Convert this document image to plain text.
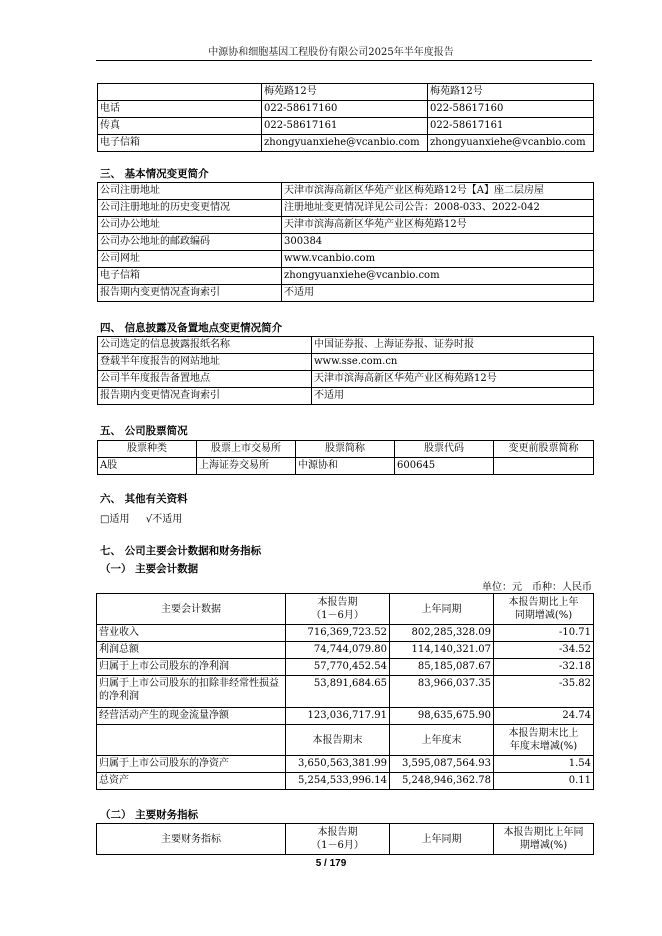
中源协和细胞基因工程股份有限公司2025年半年度报告
	梅苑路12号	梅苑路12号
电话	022-58617160	022-58617160
传真	022-58617161	022-58617161
电子信箱	zhongyuanxiehe@vcanbio.com	zhongyuanxiehe@vcanbio.com
三、 基本情况变更简介
公司注册地址	天津市滨海高新区华苑产业区梅苑路12号【A】座二层房屋
公司注册地址的历史变更情况	注册地址变更情况详见公司公告：2008-033、2022-042
公司办公地址	天津市滨海高新区华苑产业区梅苑路12号
公司办公地址的邮政编码	300384
公司网址	www.vcanbio.com
电子信箱	zhongyuanxiehe@vcanbio.com
报告期内变更情况查询索引	不适用
四、 信息披露及备置地点变更情况简介
公司选定的信息披露报纸名称	中国证券报、上海证券报、证券时报
登载半年度报告的网站地址	www.sse.com.cn
公司半年度报告备置地点	天津市滨海高新区华苑产业区梅苑路12号
报告期内变更情况查询索引	不适用
五、 公司股票简况
股票种类	股票上市交易所	股票简称	股票代码	变更前股票简称
A股	上海证券交易所	中源协和	600645	
六、 其他有关资料
□适用 √不适用
七、 公司主要会计数据和财务指标
（一） 主要会计数据
单位：元　币种：人民币
主要会计数据	本报告期
（1－6月）	上年同期	本报告期比上年
同期增减(%)
营业收入	716,369,723.52	802,285,328.09	-10.71
利润总额	74,744,079.80	114,140,321.07	-34.52
归属于上市公司股东的净利润	57,770,452.54	85,185,087.67	-32.18
归属于上市公司股东的扣除非经常性损益的净利润	53,891,684.65	83,966,037.35	-35.82
经营活动产生的现金流量净额	123,036,717.91	98,635,675.90	24.74
	本报告期末	上年度末	本报告期末比上
年度末增减(%)
归属于上市公司股东的净资产	3,650,563,381.99	3,595,087,564.93	1.54
总资产	5,254,533,996.14	5,248,946,362.78	0.11
（二） 主要财务指标
主要财务指标	本报告期
（1－6月）	上年同期	本报告期比上年同
期增减(%)
5 / 179
